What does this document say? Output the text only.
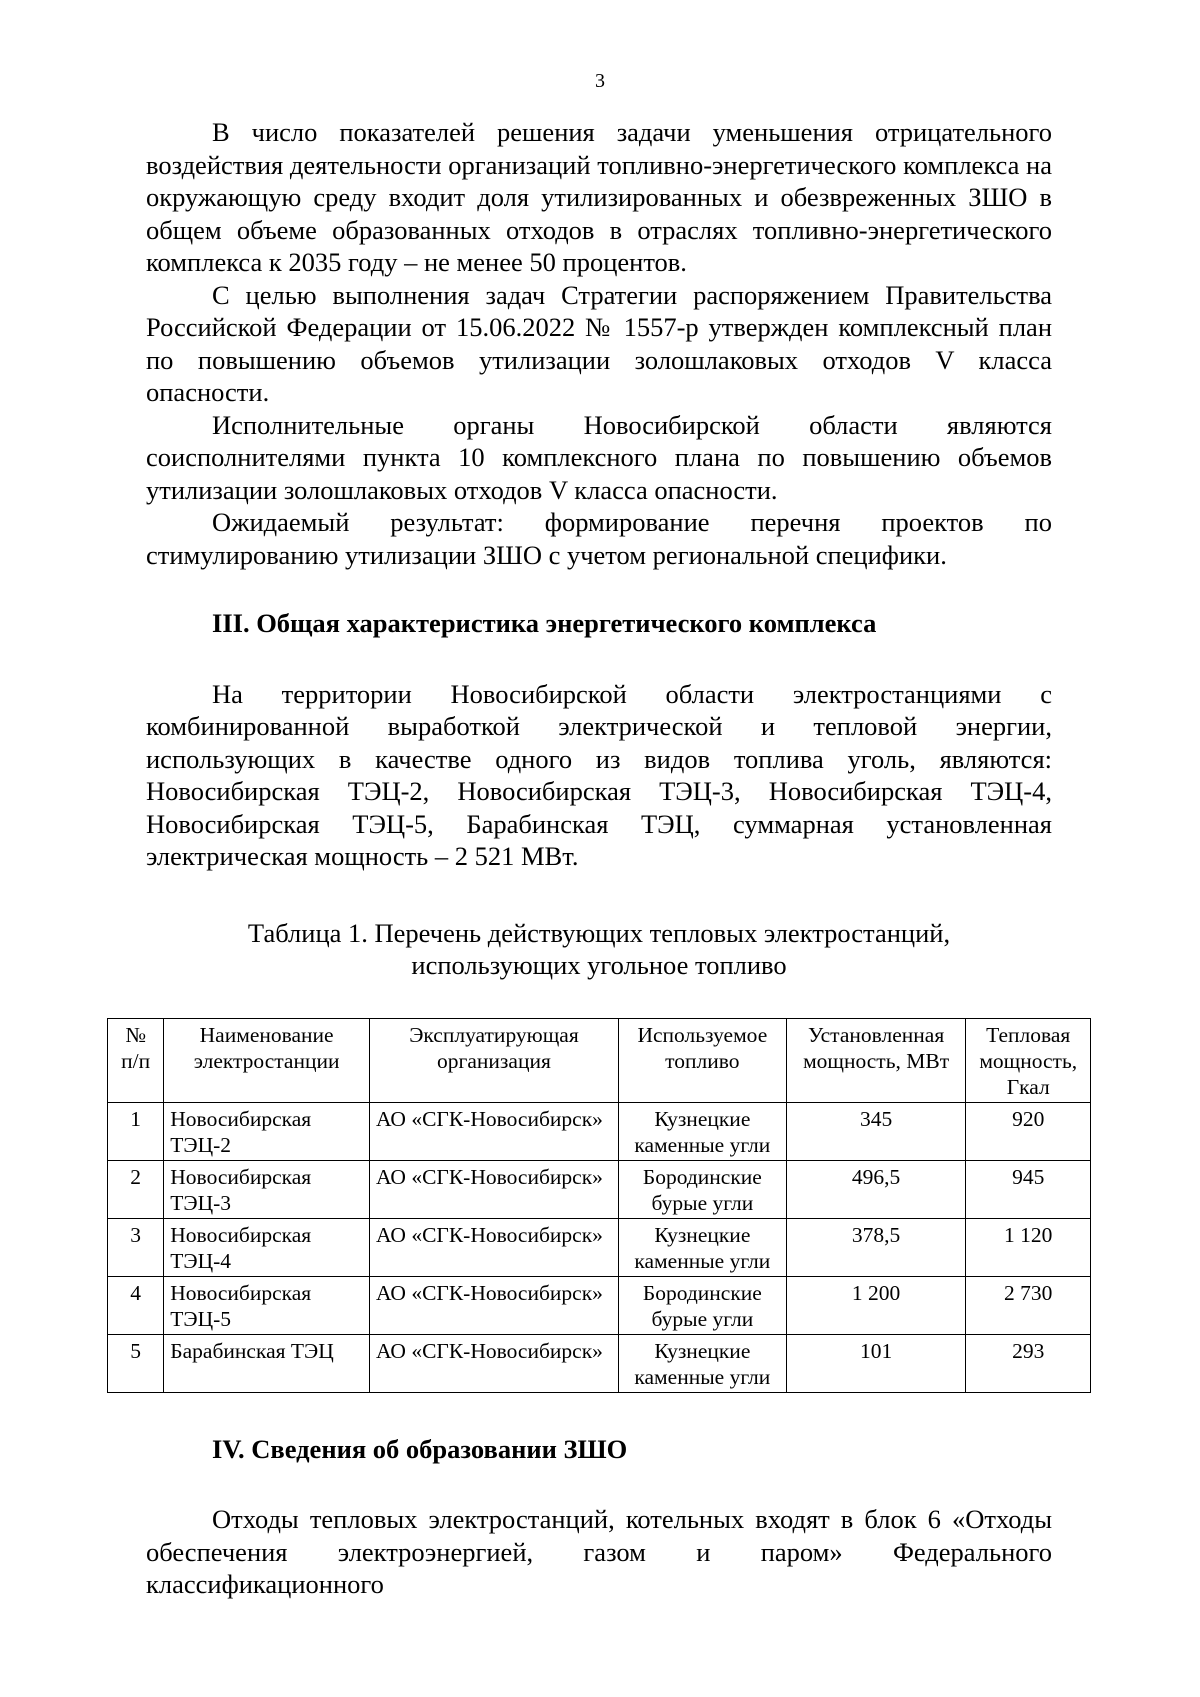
3

В число показателей решения задачи уменьшения отрицательного воздействия деятельности организаций топливно-энергетического комплекса на окружающую среду входит доля утилизированных и обезвреженных ЗШО в общем объеме образованных отходов в отраслях топливно-энергетического комплекса к 2035 году – не менее 50 процентов.

С целью выполнения задач Стратегии распоряжением Правительства Российской Федерации от 15.06.2022 № 1557-р утвержден комплексный план по повышению объемов утилизации золошлаковых отходов V класса опасности.

Исполнительные органы Новосибирской области являются соисполнителями пункта 10 комплексного плана по повышению объемов утилизации золошлаковых отходов V класса опасности.

Ожидаемый результат: формирование перечня проектов по стимулированию утилизации ЗШО с учетом региональной специфики.

III. Общая характеристика энергетического комплекса

На территории Новосибирской области электростанциями с комбинированной выработкой электрической и тепловой энергии, использующих в качестве одного из видов топлива уголь, являются: Новосибирская ТЭЦ-2, Новосибирская ТЭЦ-3, Новосибирская ТЭЦ-4, Новосибирская ТЭЦ-5, Барабинская ТЭЦ, суммарная установленная электрическая мощность – 2 521 МВт.

Таблица 1. Перечень действующих тепловых электростанций,
использующих угольное топливо
№ п/п	Наименование электростанции	Эксплуатирующая организация	Используемое топливо	Установленная мощность, МВт	Тепловая мощность, Гкал
1	Новосибирская ТЭЦ-2	АО «СГК-Новосибирск»	Кузнецкие каменные угли	345	920
2	Новосибирская ТЭЦ-3	АО «СГК-Новосибирск»	Бородинские бурые угли	496,5	945
3	Новосибирская ТЭЦ-4	АО «СГК-Новосибирск»	Кузнецкие каменные угли	378,5	1 120
4	Новосибирская ТЭЦ-5	АО «СГК-Новосибирск»	Бородинские бурые угли	1 200	2 730
5	Барабинская ТЭЦ	АО «СГК-Новосибирск»	Кузнецкие каменные угли	101	293

IV. Сведения об образовании ЗШО

Отходы тепловых электростанций, котельных входят в блок 6 «Отходы обеспечения электроэнергией, газом и паром» Федерального классификационного
